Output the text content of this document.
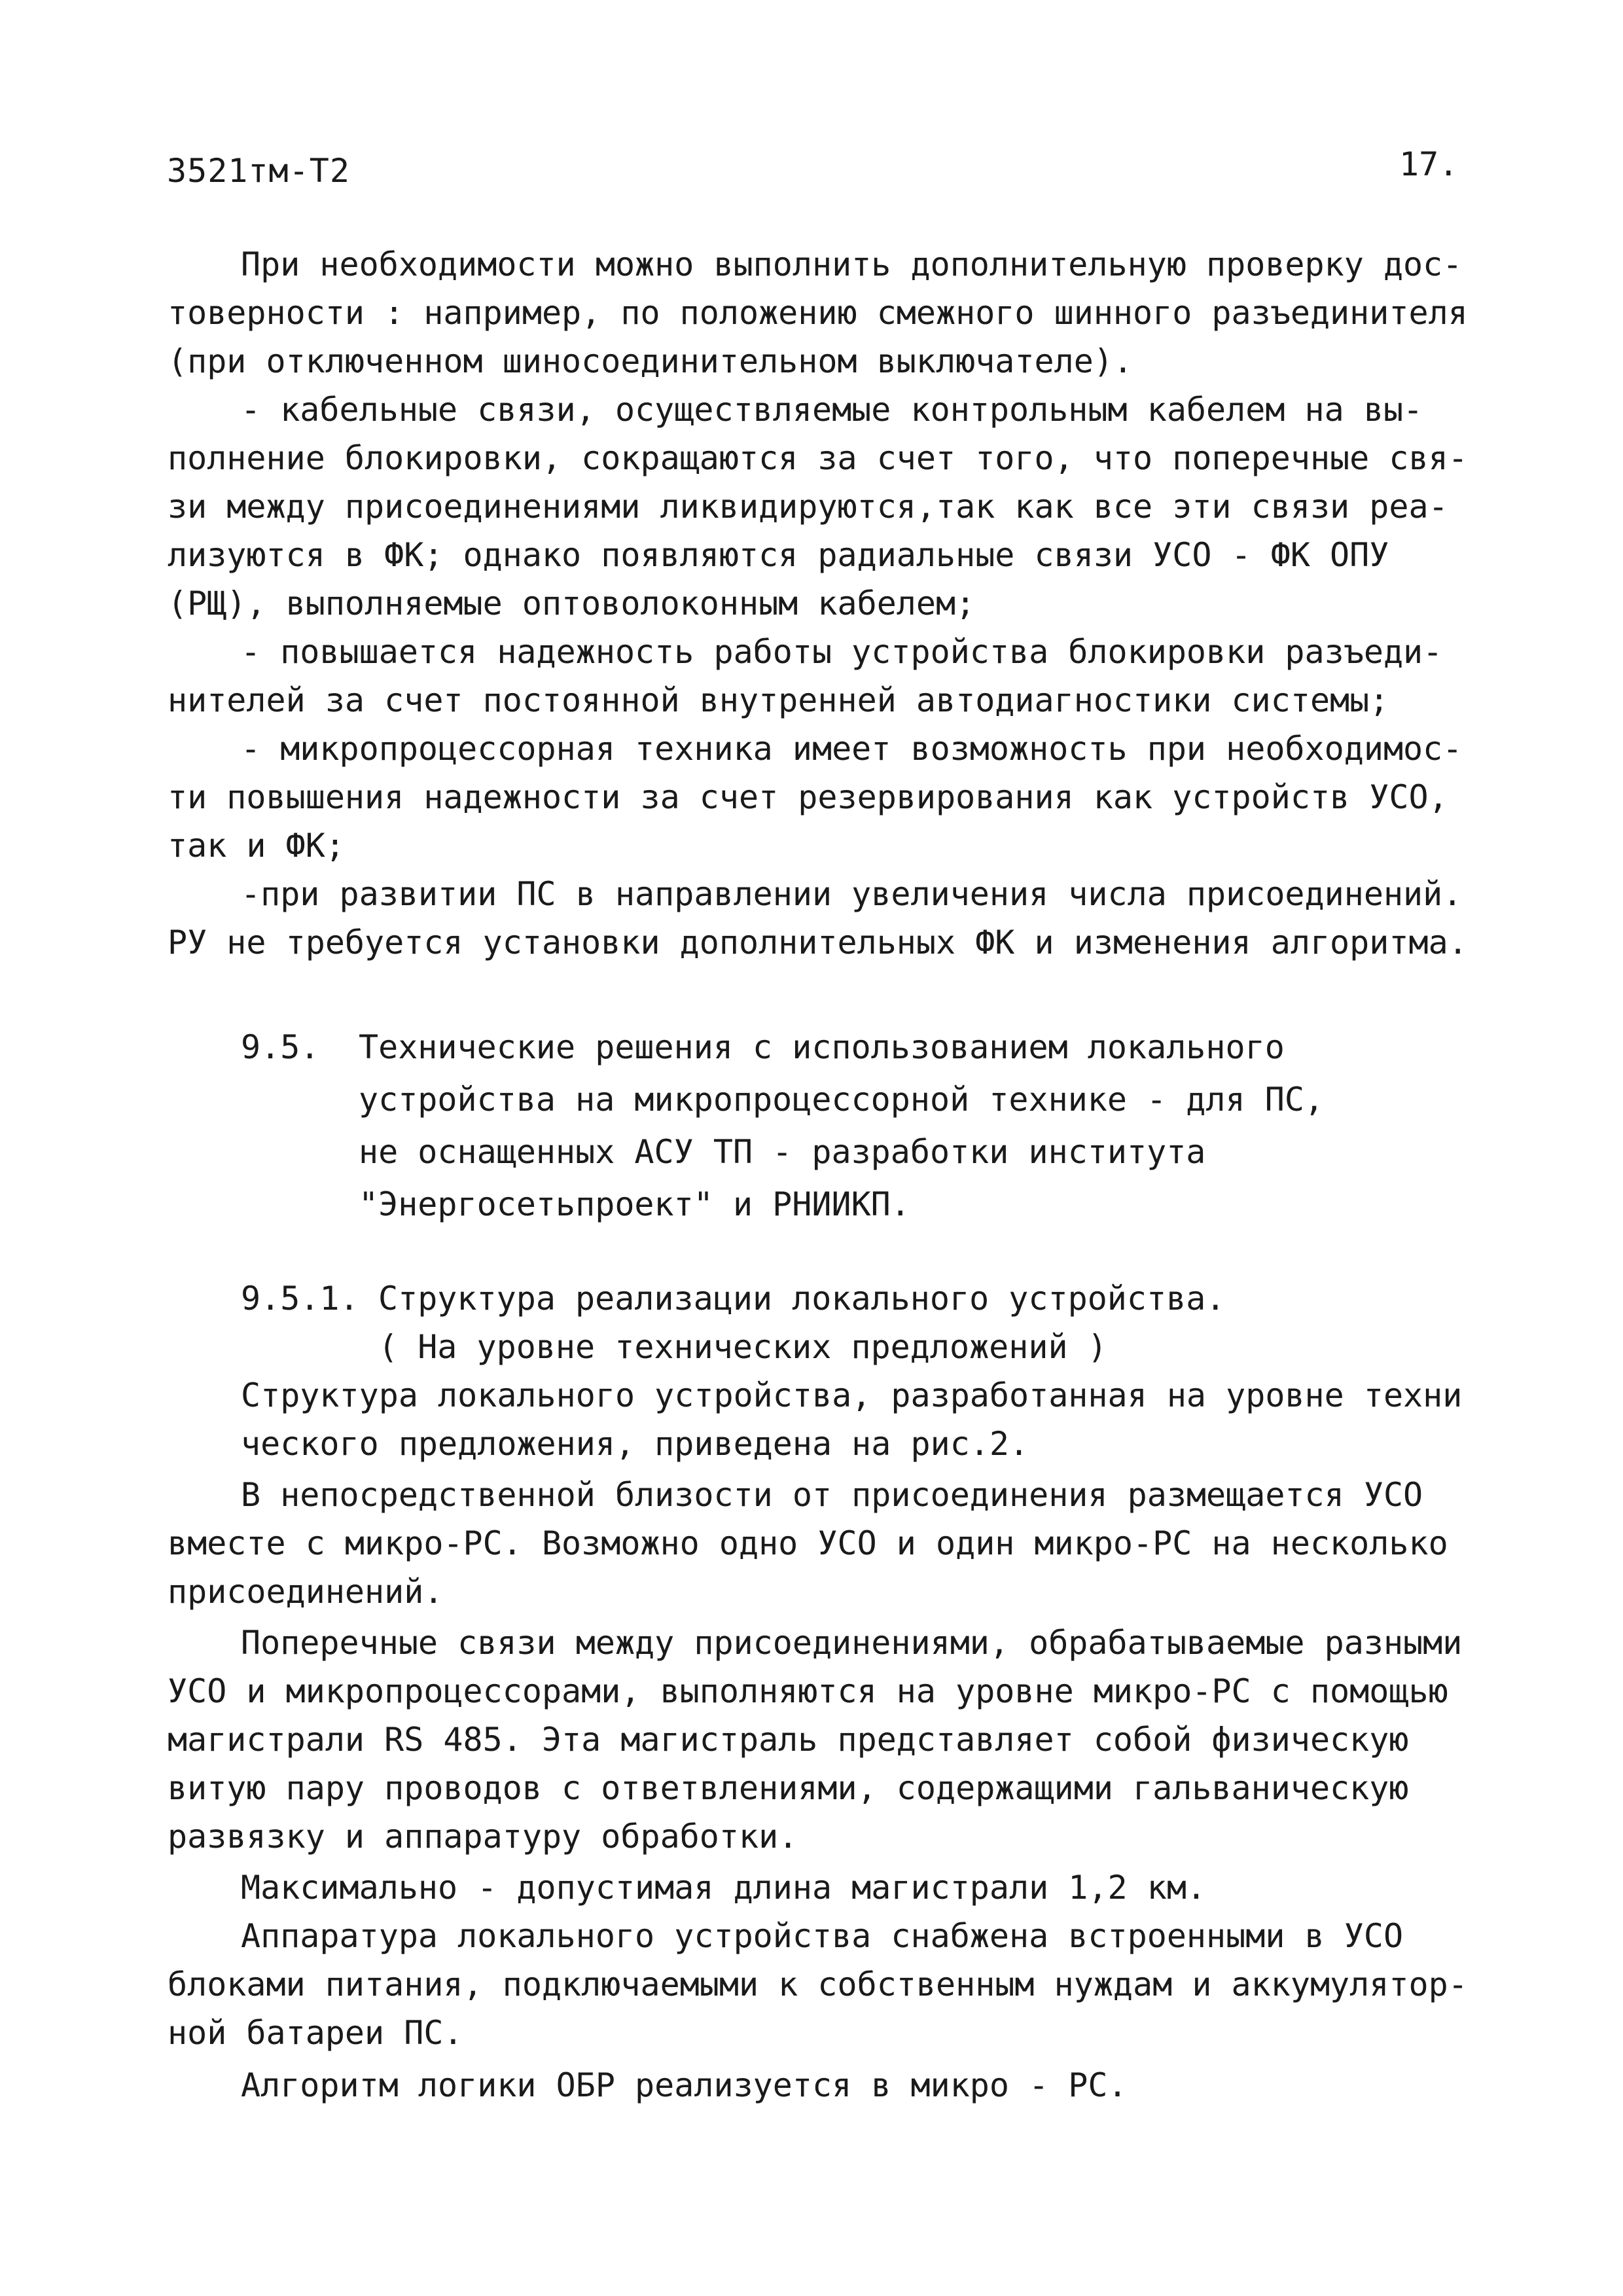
3521тм-Т2	17.
При необходимости можно выполнить дополнительную проверку дос-
товерности : например, по положению смежного шинного разъединителя
(при отключенном шиносоединительном выключателе).
- кабельные связи, осуществляемые контрольным кабелем на вы-
полнение блокировки, сокращаются за счет того, что поперечные свя-
зи между присоединениями ликвидируются,так как все эти связи реа-
лизуются в ФК; однако появляются радиальные связи УСО - ФК ОПУ
(РЩ), выполняемые оптоволоконным кабелем;
- повышается надежность работы устройства блокировки разъеди-
нителей за счет постоянной внутренней автодиагностики системы;
- микропроцессорная техника имеет возможность при необходимос-
ти повышения надежности за счет резервирования как устройств УСО,
так и ФК;
-при развитии ПС в направлении увеличения числа присоединений.
РУ не требуется установки дополнительных ФК и изменения алгоритма.
9.5. Технические решения с использованием локального
устройства на микропроцессорной технике - для ПС,
не оснащенных АСУ ТП - разработки института
"Энергосетьпроект" и РНИИКП.
9.5.1. Структура реализации локального устройства.
( На уровне технических предложений )
Структура локального устройства, разработанная на уровне техни
ческого предложения, приведена на рис.2.
В непосредственной близости от присоединения размещается УСО
вместе с микро-РС. Возможно одно УСО и один микро-РС на несколько
присоединений.
Поперечные связи между присоединениями, обрабатываемые разными
УСО и микропроцессорами, выполняются на уровне микро-РС с помощью
магистрали RS 485. Эта магистраль представляет собой физическую
витую пару проводов с ответвлениями, содержащими гальваническую
развязку и аппаратуру обработки.
Максимально - допустимая длина магистрали 1,2 км.
Аппаратура локального устройства снабжена встроенными в УСО
блоками питания, подключаемыми к собственным нуждам и аккумулятор-
ной батареи ПС.
Алгоритм логики ОБР реализуется в микро - РС.
